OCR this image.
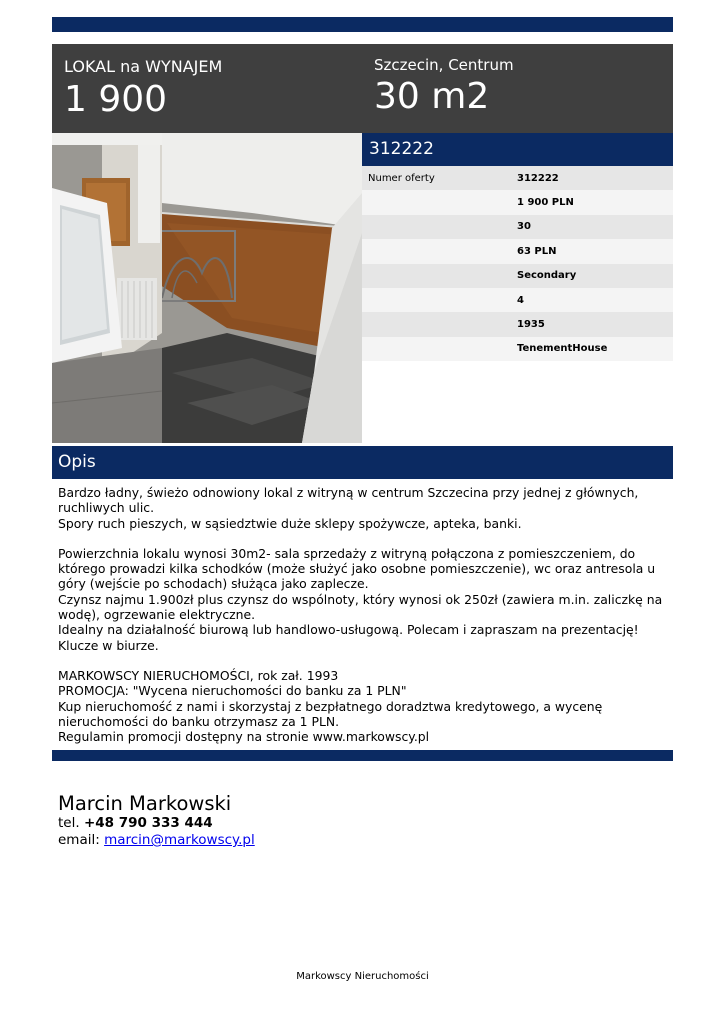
LOKAL na WYNAJEM
1 900
Szczecin, Centrum
30 m2
312222
Numer oferty	312222
1 900 PLN
30
63 PLN
Secondary
4
1935
TenementHouse
Opis

Bardzo ładny, świeżo odnowiony lokal z witryną w centrum Szczecina przy jednej z głównych, ruchliwych ulic.
Spory ruch pieszych, w sąsiedztwie duże sklepy spożywcze, apteka, banki.

Powierzchnia lokalu wynosi 30m2- sala sprzedaży z witryną połączona z pomieszczeniem, do którego prowadzi kilka schodków (może służyć jako osobne pomieszczenie), wc oraz antresola u góry (wejście po schodach) służąca jako zaplecze.
Czynsz najmu 1.900zł plus czynsz do wspólnoty, który wynosi ok 250zł (zawiera m.in. zaliczkę na wodę), ogrzewanie elektryczne.
Idealny na działalność biurową lub handlowo-usługową. Polecam i zapraszam na prezentację! Klucze w biurze.

MARKOWSCY NIERUCHOMOŚCI, rok zał. 1993
PROMOCJA: "Wycena nieruchomości do banku za 1 PLN"
Kup nieruchomość z nami i skorzystaj z bezpłatnego doradztwa kredytowego, a wycenę nieruchomości do banku otrzymasz za 1 PLN.
Regulamin promocji dostępny na stronie www.markowscy.pl

Marcin Markowski
tel. +48 790 333 444
email: marcin@markowscy.pl
Markowscy Nieruchomości
